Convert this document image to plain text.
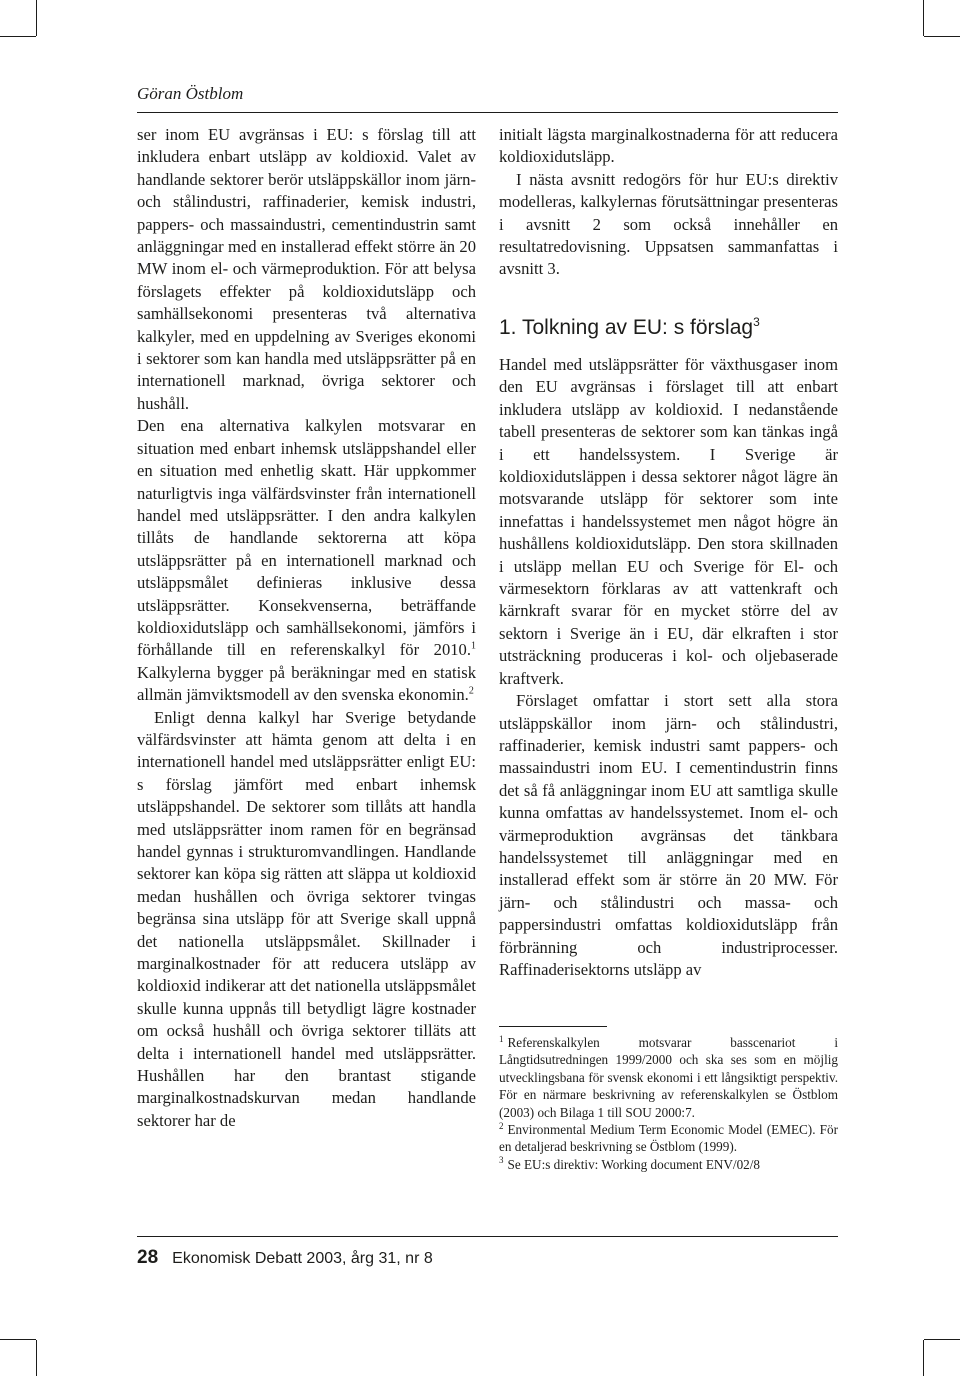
Göran Östblom

ser inom EU avgränsas i EU: s förslag till att inkludera enbart utsläpp av koldioxid. Valet av handlande sektorer berör utsläppskällor inom järn- och stålindustri, raffinaderier, kemisk industri, pappers- och massaindustri, cementindustrin samt anläggningar med en installerad effekt större än 20 MW inom el- och värmeproduktion. För att belysa förslagets effekter på koldioxidutsläpp och samhällsekonomi presenteras två alternativa kalkyler, med en uppdelning av Sveriges ekonomi i sektorer som kan handla med utsläppsrätter på en internationell marknad, övriga sektorer och hushåll.

Den ena alternativa kalkylen motsvarar en situation med enbart inhemsk utsläppshandel eller en situation med enhetlig skatt. Här uppkommer naturligtvis inga välfärdsvinster från internationell handel med utsläppsrätter. I den andra kalkylen tillåts de handlande sektorerna att köpa utsläppsrätter på en internationell marknad och utsläppsmålet definieras inklusive dessa utsläppsrätter. Konsekvenserna, beträffande koldioxidutsläpp och samhällsekonomi, jämförs i förhållande till en referenskalkyl för 2010.$^1$ Kalkylerna bygger på beräkningar med en statisk allmän jämviktsmodell av den svenska ekonomin.$^2$

Enligt denna kalkyl har Sverige betydande välfärdsvinster att hämta genom att delta i en internationell handel med utsläppsrätter enligt EU: s förslag jämfört med enbart inhemsk utsläppshandel. De sektorer som tillåts att handla med utsläppsrätter inom ramen för en begränsad handel gynnas i strukturomvandlingen. Handlande sektorer kan köpa sig rätten att släppa ut koldioxid medan hushållen och övriga sektorer tvingas begränsa sina utsläpp för att Sverige skall uppnå det nationella utsläppsmålet. Skillnader i marginalkostnader för att reducera utsläpp av koldioxid indikerar att det nationella utsläppsmålet skulle kunna uppnås till betydligt lägre kostnader om också hushåll och övriga sektorer tilläts att delta i internationell handel med utsläppsrätter. Hushållen har den brantast stigande marginalkostnadskurvan medan handlande sektorer har de

initialt lägsta marginalkostnaderna för att reducera koldioxidutsläpp.

I nästa avsnitt redogörs för hur EU:s direktiv modelleras, kalkylernas förutsättningar presenteras i avsnitt 2 som också innehåller en resultatredovisning. Uppsatsen sammanfattas i avsnitt 3.

1. Tolkning av EU: s förslag$^3$

Handel med utsläppsrätter för växthusgaser inom den EU avgränsas i förslaget till att enbart inkludera utsläpp av koldioxid. I nedanstående tabell presenteras de sektorer som kan tänkas ingå i ett handelssystem. I Sverige är koldioxidutsläppen i dessa sektorer något lägre än motsvarande utsläpp för sektorer som inte innefattas i handelssystemet men något högre än hushållens koldioxidutsläpp. Den stora skillnaden i utsläpp mellan EU och Sverige för El- och värmesektorn förklaras av att vattenkraft och kärnkraft svarar för en mycket större del av sektorn i Sverige än i EU, där elkraften i stor utsträckning produceras i kol- och oljebaserade kraftverk.

Förslaget omfattar i stort sett alla stora utsläppskällor inom järn- och stålindustri, raffinaderier, kemisk industri samt pappers- och massaindustri inom EU. I cementindustrin finns det så få anläggningar inom EU att samtliga skulle kunna omfattas av handelssystemet. Inom el- och värmeproduktion avgränsas det tänkbara handelssystemet till anläggningar med en installerad effekt som är större än 20 MW. För järn- och stålindustri och massa- och pappersindustri omfattas koldioxidutsläpp från förbränning och industriprocesser. Raffinaderisektorns utsläpp av

$^1$ Referenskalkylen motsvarar basscenariot i Långtidsutredningen 1999/2000 och ska ses som en möjlig utvecklingsbana för svensk ekonomi i ett långsiktigt perspektiv. För en närmare beskrivning av referenskalkylen se Östblom (2003) och Bilaga 1 till SOU 2000:7.

$^2$ Environmental Medium Term Economic Model (EMEC). För en detaljerad beskrivning se Östblom (1999).

$^3$ Se EU:s direktiv: Working document ENV/02/8

28 Ekonomisk Debatt 2003, årg 31, nr 8
